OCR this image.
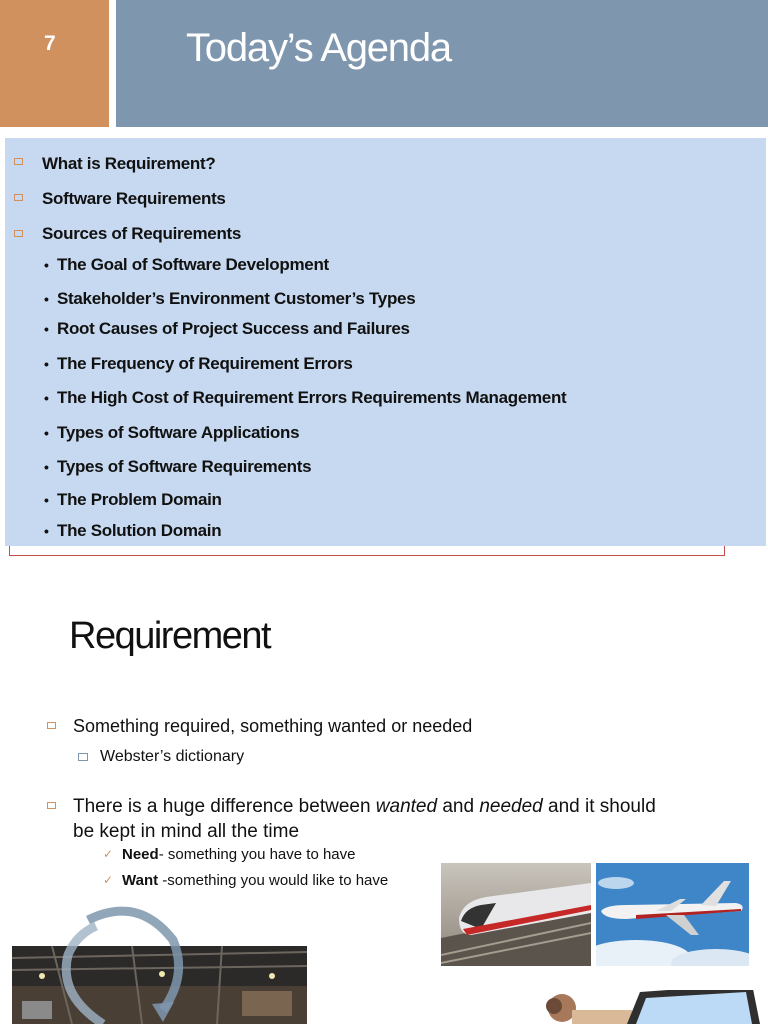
7	Today’s Agenda
What is Requirement?
Software Requirements
Sources of Requirements
• The Goal of Software Development
• Stakeholder’s Environment Customer’s Types
• Root Causes of Project Success and Failures
• The Frequency of Requirement Errors
• The High Cost of Requirement Errors Requirements Management
• Types of Software Applications
• Types of Software Requirements
• The Problem Domain
• The Solution Domain
Requirement
Something required, something wanted or needed
Webster’s dictionary
There is a huge difference between wanted and needed and it should
be kept in mind all the time
✓ Need- something you have to have
✓ Want -something you would like to have
